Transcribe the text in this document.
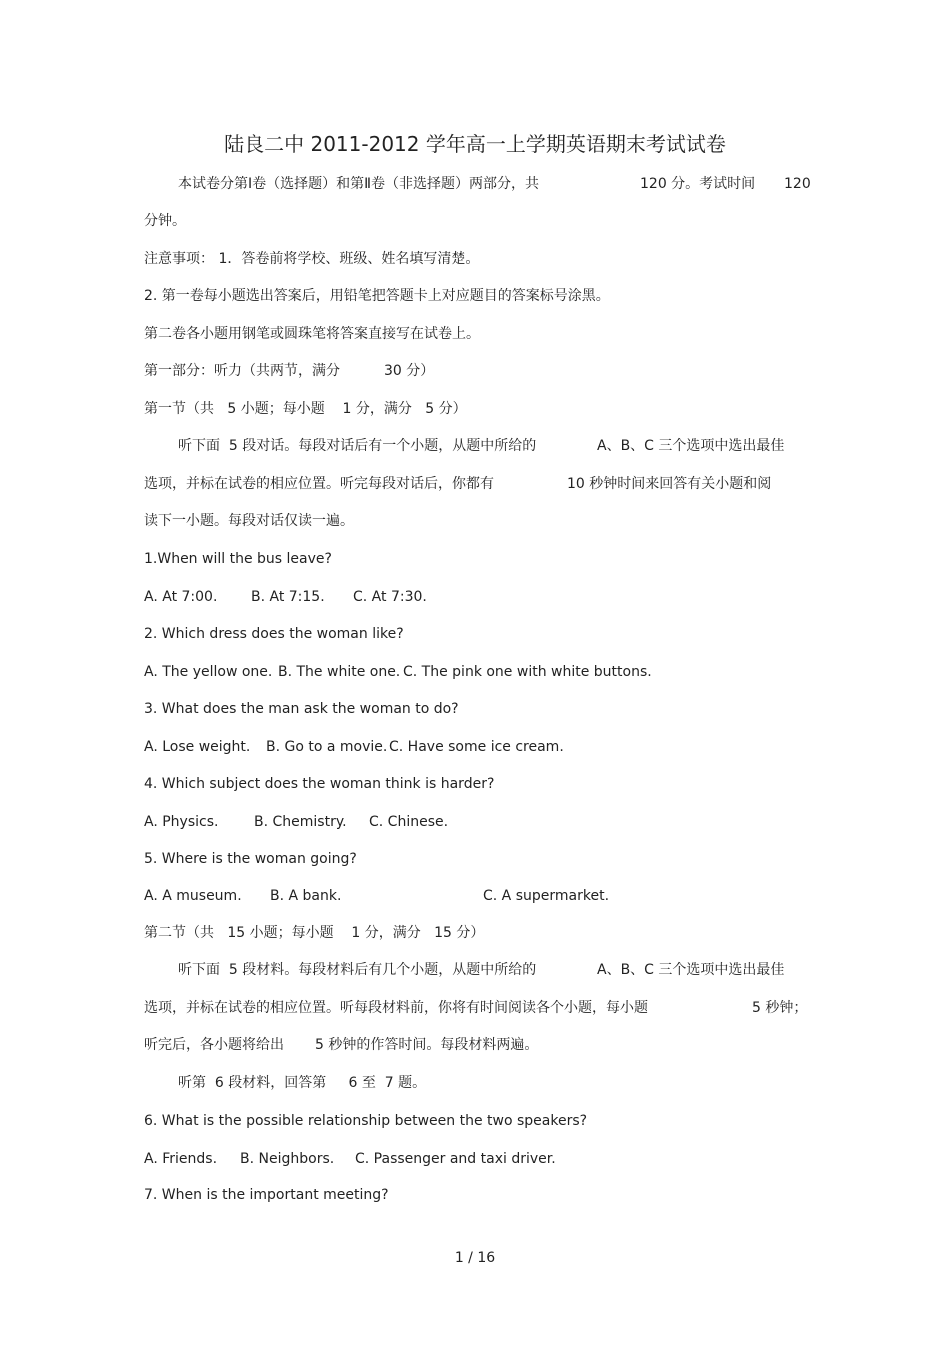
陆良二中 2011-2012 学年高一上学期英语期末考试试卷
本试卷分第Ⅰ卷（选择题）和第Ⅱ卷（非选择题）两部分，共	120 分。考试时间 120
分钟。
注意事项： 1．答卷前将学校、班级、姓名填写清楚。
2. 第一卷每小题选出答案后，用铅笔把答题卡上对应题目的答案标号涂黑。
第二卷各小题用钢笔或圆珠笔将答案直接写在试卷上。
第一部分：听力（共两节，满分	30 分）
第一节（共   5 小题；每小题    1 分，满分   5 分）
听下面  5 段对话。每段对话后有一个小题，从题中所给的	A、B、C 三个选项中选出最佳
选项，并标在试卷的相应位置。听完每段对话后，你都有	10 秒钟时间来回答有关小题和阅
读下一小题。每段对话仅读一遍。
1.When will the bus leave?
A. At 7:00. B. At 7:15. C. At 7:30.
2. Which dress does the woman like?
A. The yellow one. B. The white one. C. The pink one with white buttons.
3. What does the man ask the woman to do?
A. Lose weight. B. Go to a movie. C. Have some ice cream.
4. Which subject does the woman think is harder?
A. Physics.	B. Chemistry. C. Chinese.
5. Where is the woman going?
A. A museum. B. A bank.	C. A supermarket.
第二节（共   15 小题；每小题    1 分，满分   15 分）
听下面  5 段材料。每段材料后有几个小题，从题中所给的	A、B、C 三个选项中选出最佳
选项，并标在试卷的相应位置。听每段材料前，你将有时间阅读各个小题，每小题	5 秒钟；
听完后，各小题将给出 5 秒钟的作答时间。每段材料两遍。
听第  6 段材料，回答第     6 至  7 题。
6. What is the possible relationship between the two speakers?
A. Friends. B. Neighbors. C. Passenger and taxi driver.
7. When is the important meeting?
1 / 16
